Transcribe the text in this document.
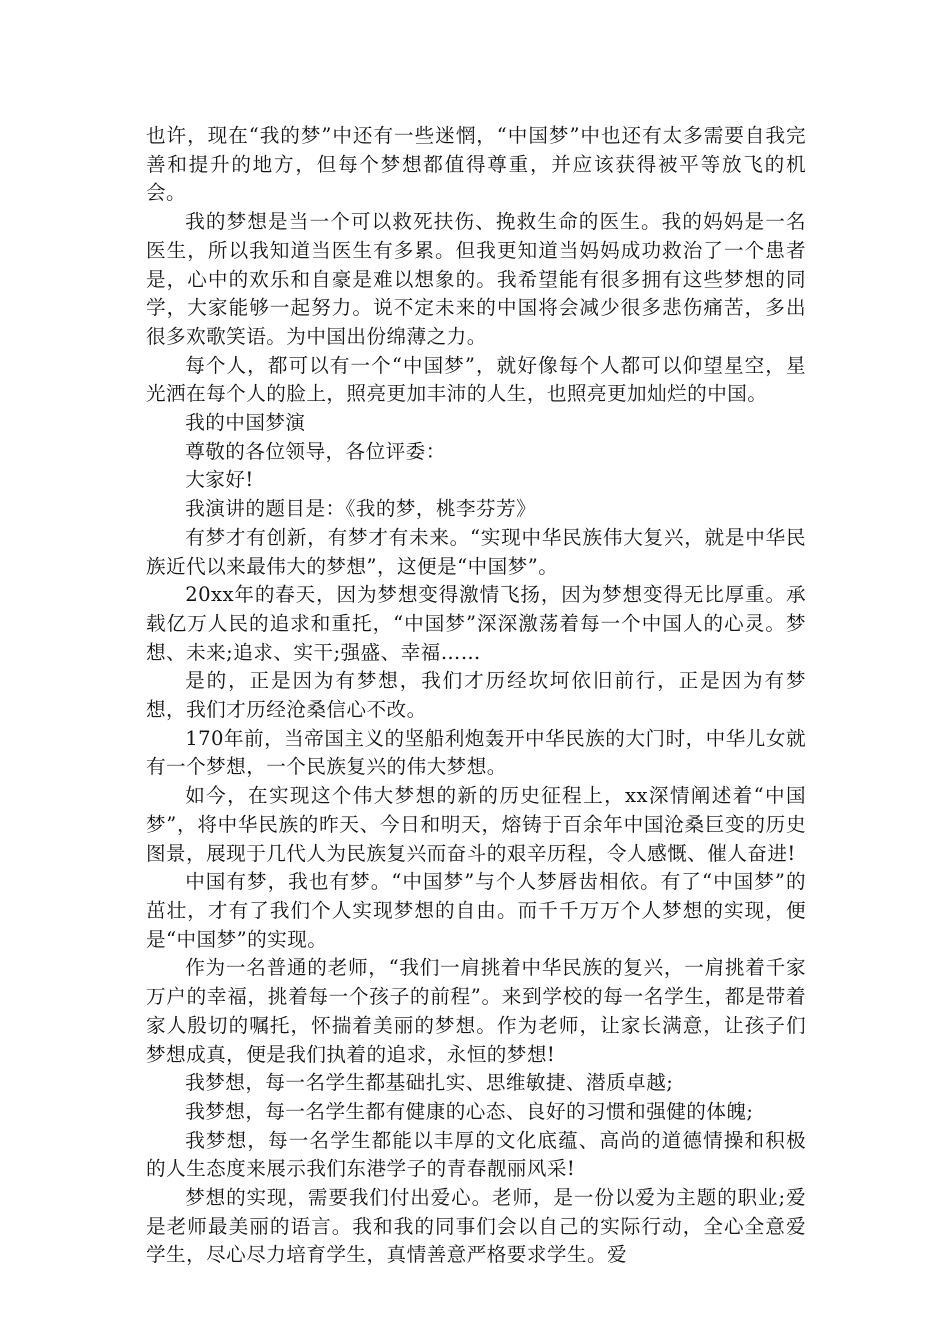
也许，现在“我的梦”中还有一些迷惘，“中国梦”中也还有太多需要自我完善和提升的地方，但每个梦想都值得尊重，并应该获得被平等放飞的机会。

我的梦想是当一个可以救死扶伤、挽救生命的医生。我的妈妈是一名医生，所以我知道当医生有多累。但我更知道当妈妈成功救治了一个患者是，心中的欢乐和自豪是难以想象的。我希望能有很多拥有这些梦想的同学，大家能够一起努力。说不定未来的中国将会减少很多悲伤痛苦，多出很多欢歌笑语。为中国出份绵薄之力。

每个人，都可以有一个“中国梦”，就好像每个人都可以仰望星空，星光洒在每个人的脸上，照亮更加丰沛的人生，也照亮更加灿烂的中国。

我的中国梦演

尊敬的各位领导，各位评委：

大家好!

我演讲的题目是：《我的梦，桃李芬芳》

有梦才有创新，有梦才有未来。“实现中华民族伟大复兴，就是中华民族近代以来最伟大的梦想”，这便是“中国梦”。

20xx年的春天，因为梦想变得激情飞扬，因为梦想变得无比厚重。承载亿万人民的追求和重托，“中国梦”深深激荡着每一个中国人的心灵。梦想、未来;追求、实干;强盛、幸福……

是的，正是因为有梦想，我们才历经坎坷依旧前行，正是因为有梦想，我们才历经沧桑信心不改。

170年前，当帝国主义的坚船利炮轰开中华民族的大门时，中华儿女就有一个梦想，一个民族复兴的伟大梦想。

如今，在实现这个伟大梦想的新的历史征程上，xx深情阐述着“中国梦”，将中华民族的昨天、今日和明天，熔铸于百余年中国沧桑巨变的历史图景，展现于几代人为民族复兴而奋斗的艰辛历程，令人感慨、催人奋进!

中国有梦，我也有梦。“中国梦”与个人梦唇齿相依。有了“中国梦”的茁壮，才有了我们个人实现梦想的自由。而千千万万个人梦想的实现，便是“中国梦”的实现。

作为一名普通的老师，“我们一肩挑着中华民族的复兴，一肩挑着千家万户的幸福，挑着每一个孩子的前程”。来到学校的每一名学生，都是带着家人殷切的嘱托，怀揣着美丽的梦想。作为老师，让家长满意，让孩子们梦想成真，便是我们执着的追求，永恒的梦想!

我梦想，每一名学生都基础扎实、思维敏捷、潜质卓越;

我梦想，每一名学生都有健康的心态、良好的习惯和强健的体魄;

我梦想，每一名学生都能以丰厚的文化底蕴、高尚的道德情操和积极的人生态度来展示我们东港学子的青春靓丽风采!

梦想的实现，需要我们付出爱心。老师，是一份以爱为主题的职业;爱是老师最美丽的语言。我和我的同事们会以自己的实际行动，全心全意爱学生，尽心尽力培育学生，真情善意严格要求学生。爱
